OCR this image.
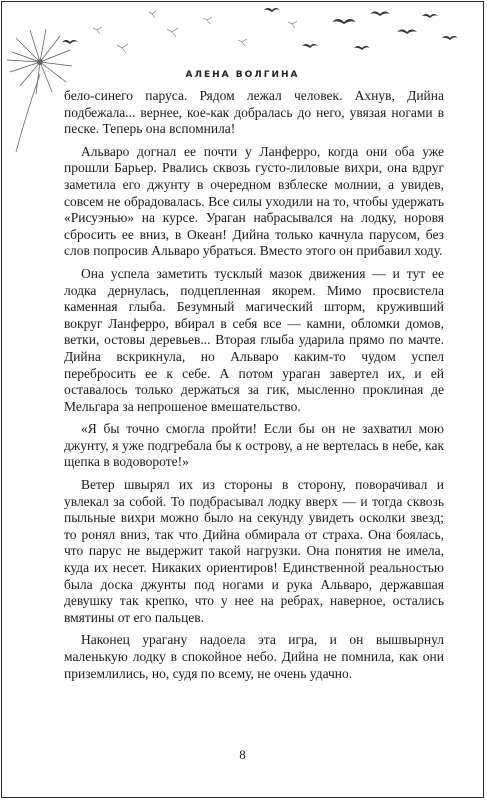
АЛЕНА ВОЛГИНА

бело-синего паруса. Рядом лежал человек. Ахнув, Дийна подбежала... вернее, кое-как добралась до него, увязая ногами в песке. Теперь она вспомнила!

Альваро догнал ее почти у Ланферро, когда они оба уже прошли Барьер. Рвались сквозь густо-лиловые вихри, она вдруг заметила его джунту в очередном взблеске молнии, а увидев, совсем не обрадовалась. Все силы уходили на то, чтобы удержать «Рисуэнью» на курсе. Ураган набрасывался на лодку, норовя сбросить ее вниз, в Океан! Дийна только качнула парусом, без слов попросив Альваро убраться. Вместо этого он прибавил ходу.

Она успела заметить тусклый мазок движения — и тут ее лодка дернулась, подцепленная якорем. Мимо просвистела каменная глыба. Безумный магический шторм, круживший вокруг Ланферро, вбирал в себя все — камни, обломки домов, ветки, остовы деревьев... Вторая глыба ударила прямо по мачте. Дийна вскрикнула, но Альваро каким-то чудом успел перебросить ее к себе. А потом ураган завертел их, и ей оставалось только держаться за гик, мысленно проклиная де Мельгара за непрошеное вмешательство.

«Я бы точно смогла пройти! Если бы он не захватил мою джунту, я уже подгребала бы к острову, а не вертелась в небе, как щепка в водовороте!»

Ветер швырял их из стороны в сторону, поворачивал и увлекал за собой. То подбрасывал лодку вверх — и тогда сквозь пыльные вихри можно было на секунду увидеть осколки звезд; то ронял вниз, так что Дийна обмирала от страха. Она боялась, что парус не выдержит такой нагрузки. Она понятия не имела, куда их несет. Никаких ориентиров! Единственной реальностью была доска джунты под ногами и рука Альваро, державшая девушку так крепко, что у нее на ребрах, наверное, остались вмятины от его пальцев.

Наконец урагану надоела эта игра, и он вышвырнул маленькую лодку в спокойное небо. Дийна не помнила, как они приземлились, но, судя по всему, не очень удачно.

8
